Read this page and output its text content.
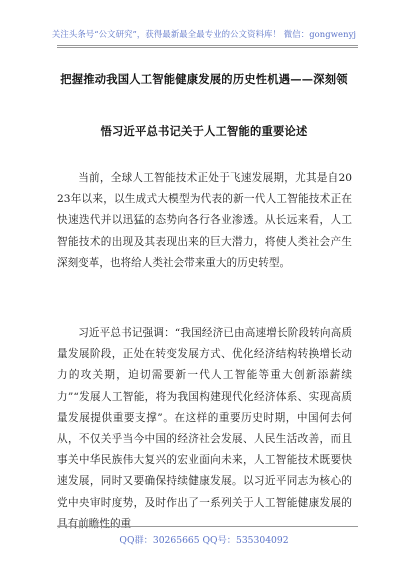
关注头条号“公文研究”，获得最新最全最专业的公文资料库！ 微信：gongwenyj
把握推动我国人工智能健康发展的历史性机遇——深刻领
悟习近平总书记关于人工智能的重要论述

当前，全球人工智能技术正处于飞速发展期，尤其是自2023年以来，以生成式大模型为代表的新一代人工智能技术正在快速迭代并以迅猛的态势向各行各业渗透。从长远来看，人工智能技术的出现及其表现出来的巨大潜力，将使人类社会产生深刻变革，也将给人类社会带来重大的历史转型。

习近平总书记强调：“我国经济已由高速增长阶段转向高质量发展阶段，正处在转变发展方式、优化经济结构转换增长动力的攻关期，迫切需要新一代人工智能等重大创新添薪续力”“发展人工智能，将为我国构建现代化经济体系、实现高质量发展提供重要支撑”。在这样的重要历史时期，中国何去何从，不仅关乎当今中国的经济社会发展、人民生活改善，而且事关中华民族伟大复兴的宏业面向未来，人工智能技术既要快速发展，同时又要确保持续健康发展。以习近平同志为核心的党中央审时度势，及时作出了一系列关于人工智能健康发展的具有前瞻性的重

QQ群：30265665 QQ号：535304092
